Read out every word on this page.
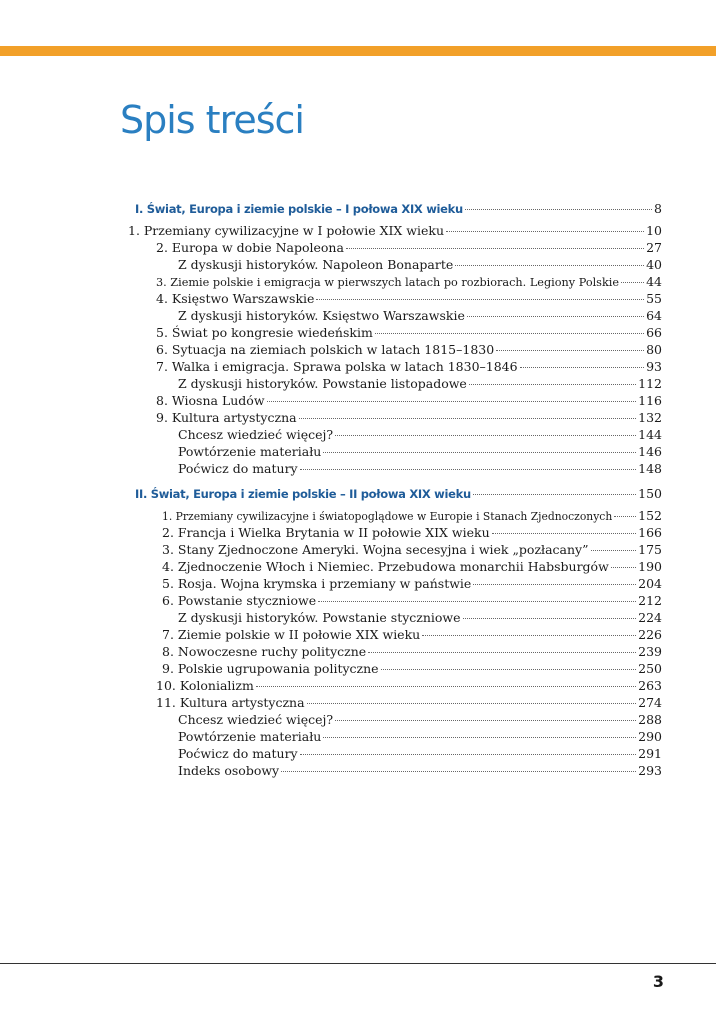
Spis treści
I. Świat, Europa i ziemie polskie – I połowa XIX wieku	8
1. Przemiany cywilizacyjne w I połowie XIX wieku	10
2. Europa w dobie Napoleona	27
Z dyskusji historyków. Napoleon Bonaparte	40
3. Ziemie polskie i emigracja w pierwszych latach po rozbiorach. Legiony Polskie 44
4. Księstwo Warszawskie	55
Z dyskusji historyków. Księstwo Warszawskie	64
5. Świat po kongresie wiedeńskim	66
6. Sytuacja na ziemiach polskich w latach 1815–1830	80
7. Walka i emigracja. Sprawa polska w latach 1830–1846	93
Z dyskusji historyków. Powstanie listopadowe	112
8. Wiosna Ludów	116
9. Kultura artystyczna	132
Chcesz wiedzieć więcej?	144
Powtórzenie materiału	146
Poćwicz do matury	148
II. Świat, Europa i ziemie polskie – II połowa XIX wieku	150
1. Przemiany cywilizacyjne i światopoglądowe w Europie i Stanach Zjednoczonych 152
2. Francja i Wielka Brytania w II połowie XIX wieku	166
3. Stany Zjednoczone Ameryki. Wojna secesyjna i wiek „pozłacany”	175
4. Zjednoczenie Włoch i Niemiec. Przebudowa monarchii Habsburgów 190
5. Rosja. Wojna krymska i przemiany w państwie	204
6. Powstanie styczniowe	212
Z dyskusji historyków. Powstanie styczniowe	224
7. Ziemie polskie w II połowie XIX wieku	226
8. Nowoczesne ruchy polityczne	239
9. Polskie ugrupowania polityczne	250
10. Kolonializm	263
11. Kultura artystyczna	274
Chcesz wiedzieć więcej?	288
Powtórzenie materiału	290
Poćwicz do matury	291
Indeks osobowy	293
3
